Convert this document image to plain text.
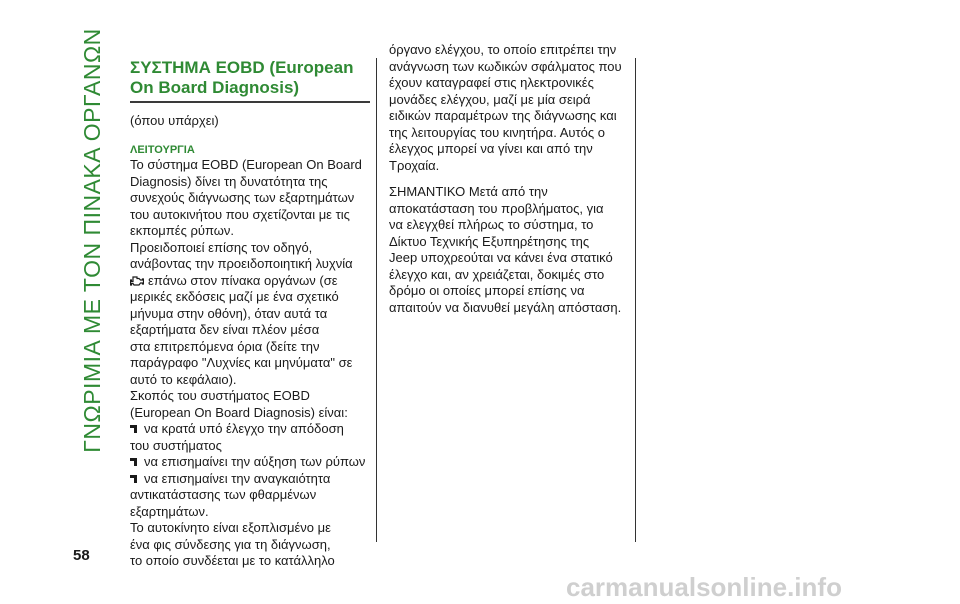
ΓΝΩΡΙΜΙΑ ΜΕ ΤΟΝ ΠΙΝΑΚΑ ΟΡΓΑΝΩΝ
58
ΣΥΣΤΗΜΑ EOBD (European
On Board Diagnosis)
(όπου υπάρχει)
ΛΕΙΤΟΥΡΓΙΑ
Το σύστημα EOBD (European On Board
Diagnosis) δίνει τη δυνατότητα της
συνεχούς διάγνωσης των εξαρτημάτων
του αυτοκινήτου που σχετίζονται με τις
εκπομπές ρύπων.
Προειδοποιεί επίσης τον οδηγό,
ανάβοντας την προειδοποιητική λυχνία
επάνω στον πίνακα οργάνων (σε
μερικές εκδόσεις μαζί με ένα σχετικό
μήνυμα στην οθόνη), όταν αυτά τα
εξαρτήματα δεν είναι πλέον μέσα
στα επιτρεπόμενα όρια (δείτε την
παράγραφο "Λυχνίες και μηνύματα" σε
αυτό το κεφάλαιο).
Σκοπός του συστήματος EOBD
(European On Board Diagnosis) είναι:
να κρατά υπό έλεγχο την απόδοση
του συστήματος
να επισημαίνει την αύξηση των ρύπων
να επισημαίνει την αναγκαιότητα
αντικατάστασης των φθαρμένων
εξαρτημάτων.
Το αυτοκίνητο είναι εξοπλισμένο με
ένα φις σύνδεσης για τη διάγνωση,
το οποίο συνδέεται με το κατάλληλο
όργανο ελέγχου, το οποίο επιτρέπει την
ανάγνωση των κωδικών σφάλματος που
έχουν καταγραφεί στις ηλεκτρονικές
μονάδες ελέγχου, μαζί με μία σειρά
ειδικών παραμέτρων της διάγνωσης και
της λειτουργίας του κινητήρα. Αυτός ο
έλεγχος μπορεί να γίνει και από την
Τροχαία.
ΣΗΜΑΝΤΙΚΟ Μετά από την
αποκατάσταση του προβλήματος, για
να ελεγχθεί πλήρως το σύστημα, το
Δίκτυο Τεχνικής Εξυπηρέτησης της
Jeep υποχρεούται να κάνει ένα στατικό
έλεγχο και, αν χρειάζεται, δοκιμές στο
δρόμο οι οποίες μπορεί επίσης να
απαιτούν να διανυθεί μεγάλη απόσταση.
carmanualsonline.info
